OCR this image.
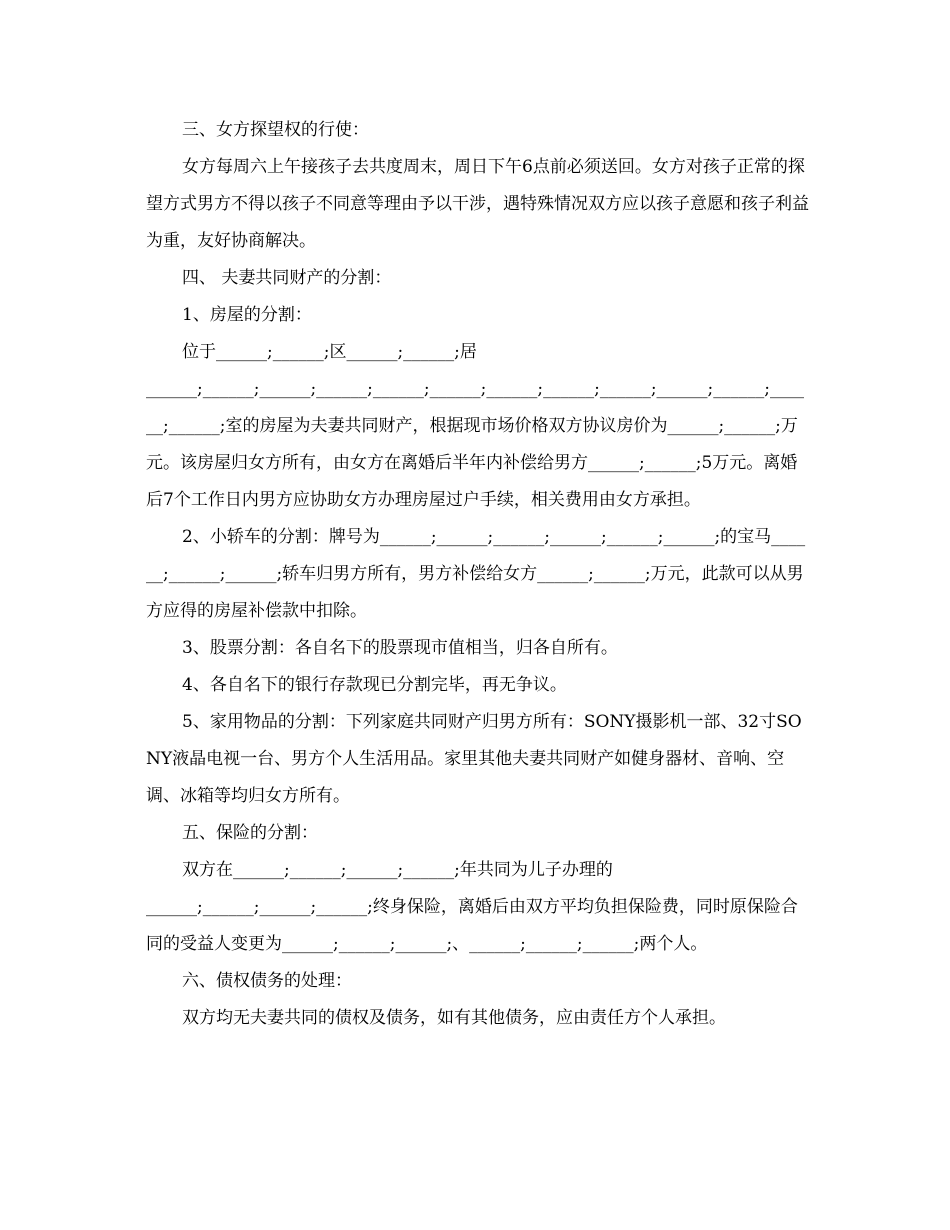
三、女方探望权的行使：

女方每周六上午接孩子去共度周末，周日下午6点前必须送回。女方对孩子正常的探望方式男方不得以孩子不同意等理由予以干涉，遇特殊情况双方应以孩子意愿和孩子利益为重，友好协商解决。

四、 夫妻共同财产的分割：

1、房屋的分割：

位于______;______;区______;______;居

______;______;______;______;______;______;______;______;______;______;______;______;______;室的房屋为夫妻共同财产，根据现市场价格双方协议房价为______;______;万元。该房屋归女方所有，由女方在离婚后半年内补偿给男方______;______;5万元。离婚后7个工作日内男方应协助女方办理房屋过户手续，相关费用由女方承担。

2、小轿车的分割：牌号为______;______;______;______;______;______;的宝马______;______;______;轿车归男方所有，男方补偿给女方______;______;万元，此款可以从男方应得的房屋补偿款中扣除。

3、股票分割：各自名下的股票现市值相当，归各自所有。

4、各自名下的银行存款现已分割完毕，再无争议。

5、家用物品的分割：下列家庭共同财产归男方所有：SONY摄影机一部、32寸SONY液晶电视一台、男方个人生活用品。家里其他夫妻共同财产如健身器材、音响、空调、冰箱等均归女方所有。

五、保险的分割：

双方在______;______;______;______;年共同为儿子办理的

______;______;______;______;终身保险，离婚后由双方平均负担保险费，同时原保险合同的受益人变更为______;______;______;、______;______;______;两个人。

六、债权债务的处理：

双方均无夫妻共同的债权及债务，如有其他债务，应由责任方个人承担。
